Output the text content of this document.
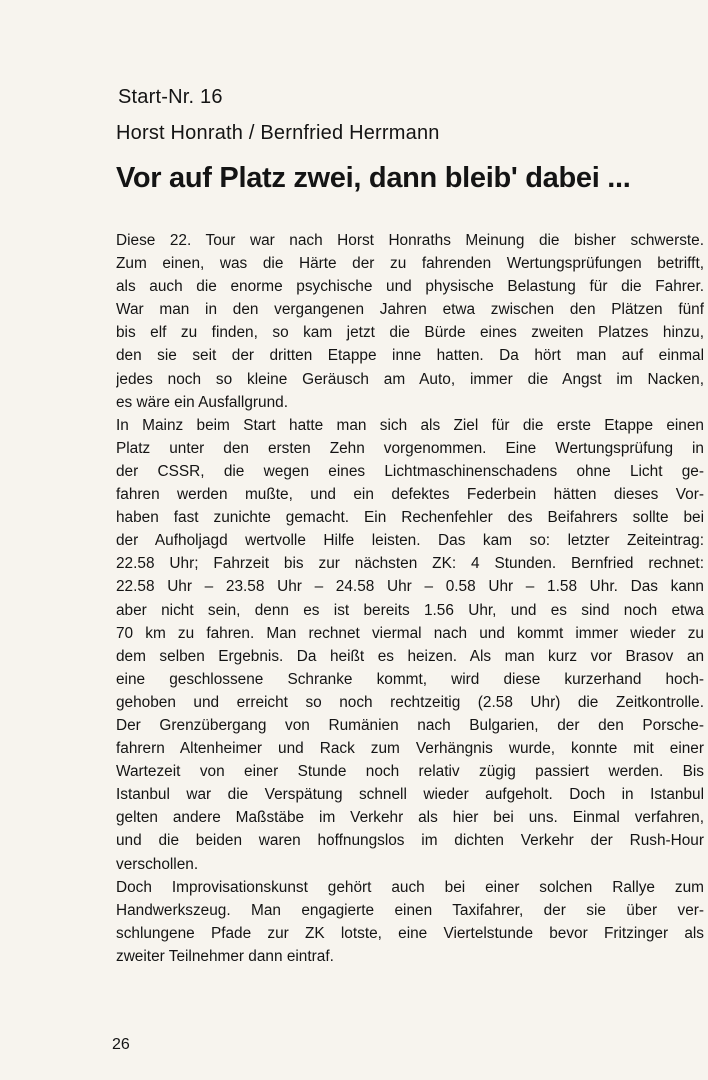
Start-Nr. 16
Horst Honrath / Bernfried Herrmann
Vor auf Platz zwei, dann bleib' dabei ...
Diese 22. Tour war nach Horst Honraths Meinung die bisher schwerste.
Zum einen, was die Härte der zu fahrenden Wertungsprüfungen betrifft,
als auch die enorme psychische und physische Belastung für die Fahrer.
War man in den vergangenen Jahren etwa zwischen den Plätzen fünf
bis elf zu finden, so kam jetzt die Bürde eines zweiten Platzes hinzu,
den sie seit der dritten Etappe inne hatten. Da hört man auf einmal
jedes noch so kleine Geräusch am Auto, immer die Angst im Nacken,
es wäre ein Ausfallgrund.
In Mainz beim Start hatte man sich als Ziel für die erste Etappe einen
Platz unter den ersten Zehn vorgenommen. Eine Wertungsprüfung in
der CSSR, die wegen eines Lichtmaschinenschadens ohne Licht ge-
fahren werden mußte, und ein defektes Federbein hätten dieses Vor-
haben fast zunichte gemacht. Ein Rechenfehler des Beifahrers sollte bei
der Aufholjagd wertvolle Hilfe leisten. Das kam so: letzter Zeiteintrag:
22.58 Uhr; Fahrzeit bis zur nächsten ZK: 4 Stunden. Bernfried rechnet:
22.58 Uhr – 23.58 Uhr – 24.58 Uhr – 0.58 Uhr – 1.58 Uhr. Das kann
aber nicht sein, denn es ist bereits 1.56 Uhr, und es sind noch etwa
70 km zu fahren. Man rechnet viermal nach und kommt immer wieder zu
dem selben Ergebnis. Da heißt es heizen. Als man kurz vor Brasov an
eine geschlossene Schranke kommt, wird diese kurzerhand hoch-
gehoben und erreicht so noch rechtzeitig (2.58 Uhr) die Zeitkontrolle.
Der Grenzübergang von Rumänien nach Bulgarien, der den Porsche-
fahrern Altenheimer und Rack zum Verhängnis wurde, konnte mit einer
Wartezeit von einer Stunde noch relativ zügig passiert werden. Bis
Istanbul war die Verspätung schnell wieder aufgeholt. Doch in Istanbul
gelten andere Maßstäbe im Verkehr als hier bei uns. Einmal verfahren,
und die beiden waren hoffnungslos im dichten Verkehr der Rush-Hour
verschollen.
Doch Improvisationskunst gehört auch bei einer solchen Rallye zum
Handwerkszeug. Man engagierte einen Taxifahrer, der sie über ver-
schlungene Pfade zur ZK lotste, eine Viertelstunde bevor Fritzinger als
zweiter Teilnehmer dann eintraf.
26
